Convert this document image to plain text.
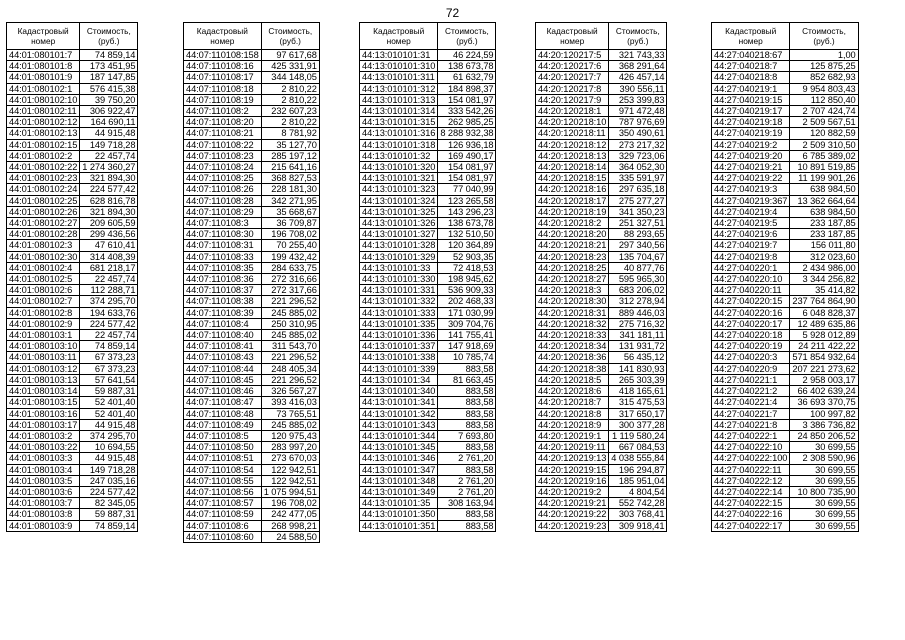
72
Кадастровый номер	Стоимость, (руб.)
44:01:080101:7	74 859,14
44:01:080101:8	173 451,95
44:01:080101:9	187 147,85
44:01:080102:1	576 415,38
44:01:080102:10	39 750,20
44:01:080102:11	306 922,47
44:01:080102:12	164 690,11
44:01:080102:13	44 915,48
44:01:080102:15	149 718,28
44:01:080102:2	22 457,74
44:01:080102:22	1 274 360,27
44:01:080102:23	321 894,30
44:01:080102:24	224 577,42
44:01:080102:25	628 816,78
44:01:080102:26	321 894,30
44:01:080102:27	209 605,59
44:01:080102:28	299 436,56
44:01:080102:3	47 610,41
44:01:080102:30	314 408,39
44:01:080102:4	681 218,17
44:01:080102:5	22 457,74
44:01:080102:6	112 288,71
44:01:080102:7	374 295,70
44:01:080102:8	194 633,76
44:01:080102:9	224 577,42
44:01:080103:1	22 457,74
44:01:080103:10	74 859,14
44:01:080103:11	67 373,23
44:01:080103:12	67 373,23
44:01:080103:13	57 641,54
44:01:080103:14	59 887,31
44:01:080103:15	52 401,40
44:01:080103:16	52 401,40
44:01:080103:17	44 915,48
44:01:080103:2	374 295,70
44:01:080103:22	10 694,55
44:01:080103:3	44 915,48
44:01:080103:4	149 718,28
44:01:080103:5	247 035,16
44:01:080103:6	224 577,42
44:01:080103:7	82 345,05
44:01:080103:8	59 887,31
44:01:080103:9	74 859,14
Кадастровый номер	Стоимость, (руб.)
44:07:110108:158	97 617,68
44:07:110108:16	425 331,91
44:07:110108:17	344 148,05
44:07:110108:18	2 810,22
44:07:110108:19	2 810,22
44:07:110108:2	232 607,23
44:07:110108:20	2 810,22
44:07:110108:21	8 781,92
44:07:110108:22	35 127,70
44:07:110108:23	285 197,12
44:07:110108:24	215 641,16
44:07:110108:25	368 827,53
44:07:110108:26	228 181,30
44:07:110108:28	342 271,95
44:07:110108:29	35 668,67
44:07:110108:3	36 709,87
44:07:110108:30	196 708,02
44:07:110108:31	70 255,40
44:07:110108:33	199 432,42
44:07:110108:35	284 633,75
44:07:110108:36	272 316,66
44:07:110108:37	272 317,66
44:07:110108:38	221 296,52
44:07:110108:39	245 885,02
44:07:110108:4	250 310,95
44:07:110108:40	245 885,02
44:07:110108:41	311 543,70
44:07:110108:43	221 296,52
44:07:110108:44	248 405,34
44:07:110108:45	221 296,52
44:07:110108:46	326 567,27
44:07:110108:47	393 416,03
44:07:110108:48	73 765,51
44:07:110108:49	245 885,02
44:07:110108:5	120 975,43
44:07:110108:50	283 997,20
44:07:110108:51	273 670,03
44:07:110108:54	122 942,51
44:07:110108:55	122 942,51
44:07:110108:56	1 075 994,51
44:07:110108:57	196 708,02
44:07:110108:59	242 477,05
44:07:110108:6	268 998,21
44:07:110108:60	24 588,50
Кадастровый номер	Стоимость, (руб.)
44:13:010101:31	46 224,59
44:13:010101:310	138 673,78
44:13:010101:311	61 632,79
44:13:010101:312	184 898,37
44:13:010101:313	154 081,97
44:13:010101:314	333 542,26
44:13:010101:315	262 985,25
44:13:010101:316	8 288 932,38
44:13:010101:318	126 936,18
44:13:010101:32	169 490,17
44:13:010101:320	154 081,97
44:13:010101:321	154 081,97
44:13:010101:323	77 040,99
44:13:010101:324	123 265,58
44:13:010101:325	143 296,23
44:13:010101:326	138 673,78
44:13:010101:327	132 510,50
44:13:010101:328	120 364,89
44:13:010101:329	52 903,35
44:13:010101:33	72 418,53
44:13:010101:330	198 945,62
44:13:010101:331	536 909,33
44:13:010101:332	202 468,33
44:13:010101:333	171 030,99
44:13:010101:335	309 704,76
44:13:010101:336	141 755,41
44:13:010101:337	147 918,69
44:13:010101:338	10 785,74
44:13:010101:339	883,58
44:13:010101:34	81 663,45
44:13:010101:340	883,58
44:13:010101:341	883,58
44:13:010101:342	883,58
44:13:010101:343	883,58
44:13:010101:344	7 693,80
44:13:010101:345	883,58
44:13:010101:346	2 761,20
44:13:010101:347	883,58
44:13:010101:348	2 761,20
44:13:010101:349	2 761,20
44:13:010101:35	308 163,94
44:13:010101:350	883,58
44:13:010101:351	883,58
Кадастровый номер	Стоимость, (руб.)
44:20:120217:5	321 743,33
44:20:120217:6	368 291,64
44:20:120217:7	426 457,14
44:20:120217:8	390 556,11
44:20:120217:9	253 399,83
44:20:120218:1	971 472,48
44:20:120218:10	787 976,69
44:20:120218:11	350 490,61
44:20:120218:12	273 217,32
44:20:120218:13	329 723,06
44:20:120218:14	364 052,30
44:20:120218:15	335 591,97
44:20:120218:16	297 635,18
44:20:120218:17	275 277,27
44:20:120218:19	341 350,23
44:20:120218:2	251 327,51
44:20:120218:20	88 293,65
44:20:120218:21	297 340,56
44:20:120218:23	135 704,67
44:20:120218:25	40 877,76
44:20:120218:27	595 965,30
44:20:120218:3	683 206,02
44:20:120218:30	312 278,94
44:20:120218:31	889 446,03
44:20:120218:32	275 716,32
44:20:120218:33	341 181,11
44:20:120218:34	131 931,72
44:20:120218:36	56 435,12
44:20:120218:38	141 830,93
44:20:120218:5	265 303,39
44:20:120218:6	418 165,61
44:20:120218:7	315 475,53
44:20:120218:8	317 650,17
44:20:120218:9	300 377,28
44:20:120219:1	1 119 580,24
44:20:120219:11	667 084,53
44:20:120219:13	4 038 555,84
44:20:120219:15	196 294,87
44:20:120219:16	185 951,04
44:20:120219:2	4 804,54
44:20:120219:21	552 742,28
44:20:120219:22	303 768,41
44:20:120219:23	309 918,41
Кадастровый номер	Стоимость, (руб.)
44:27:040218:67	1,00
44:27:040218:7	125 875,25
44:27:040218:8	852 682,93
44:27:040219:1	9 954 803,43
44:27:040219:15	112 850,40
44:27:040219:17	2 707 424,74
44:27:040219:18	2 509 567,51
44:27:040219:19	120 882,59
44:27:040219:2	2 509 310,50
44:27:040219:20	6 785 389,02
44:27:040219:21	10 891 519,85
44:27:040219:22	11 199 901,26
44:27:040219:3	638 984,50
44:27:040219:367	13 362 664,64
44:27:040219:4	638 984,50
44:27:040219:5	233 187,85
44:27:040219:6	233 187,85
44:27:040219:7	156 011,80
44:27:040219:8	312 023,60
44:27:040220:1	2 434 986,00
44:27:040220:10	3 344 256,82
44:27:040220:11	35 414,82
44:27:040220:15	237 764 864,90
44:27:040220:16	6 048 828,37
44:27:040220:17	12 489 635,86
44:27:040220:18	5 928 012,89
44:27:040220:19	24 211 422,22
44:27:040220:3	571 854 932,64
44:27:040220:9	207 221 273,62
44:27:040221:1	2 958 003,17
44:27:040221:2	66 402 639,24
44:27:040221:4	36 693 370,75
44:27:040221:7	100 997,82
44:27:040221:8	3 386 736,82
44:27:040222:1	24 850 206,52
44:27:040222:10	30 699,55
44:27:040222:100	2 308 590,96
44:27:040222:11	30 699,55
44:27:040222:12	30 699,55
44:27:040222:14	10 800 735,90
44:27:040222:15	30 699,55
44:27:040222:16	30 699,55
44:27:040222:17	30 699,55
